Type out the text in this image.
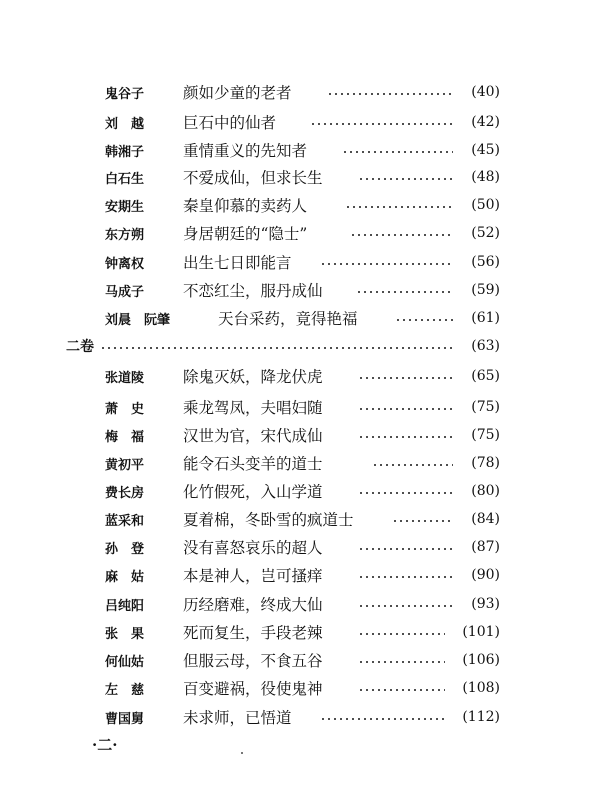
鬼谷子	颜如少童的老者	(40)
刘　越	巨石中的仙者	(42)
韩湘子	重情重义的先知者	(45)
白石生	不爱成仙，但求长生	(48)
安期生	秦皇仰慕的卖药人	(50)
东方朔	身居朝廷的“隐士”	(52)
钟离权	出生七日即能言	(56)
马成子	不恋红尘，服丹成仙	(59)
刘晨　阮肇	天台采药，竟得艳福	(61)
二卷	(63)
张道陵	除鬼灭妖，降龙伏虎	(65)
萧　史	乘龙驾凤，夫唱妇随	(75)
梅　福	汉世为官，宋代成仙	(75)
黄初平	能令石头变羊的道士	(78)
费长房	化竹假死，入山学道	(80)
蓝采和	夏着棉，冬卧雪的疯道士	(84)
孙　登	没有喜怒哀乐的超人	(87)
麻　姑	本是神人，岂可搔痒	(90)
吕纯阳	历经磨难，终成大仙	(93)
张　果	死而复生，手段老辣	(101)
何仙姑	但服云母，不食五谷	(106)
左　慈	百变避祸，役使鬼神	(108)
曹国舅	未求师，已悟道	(112)
·二·
